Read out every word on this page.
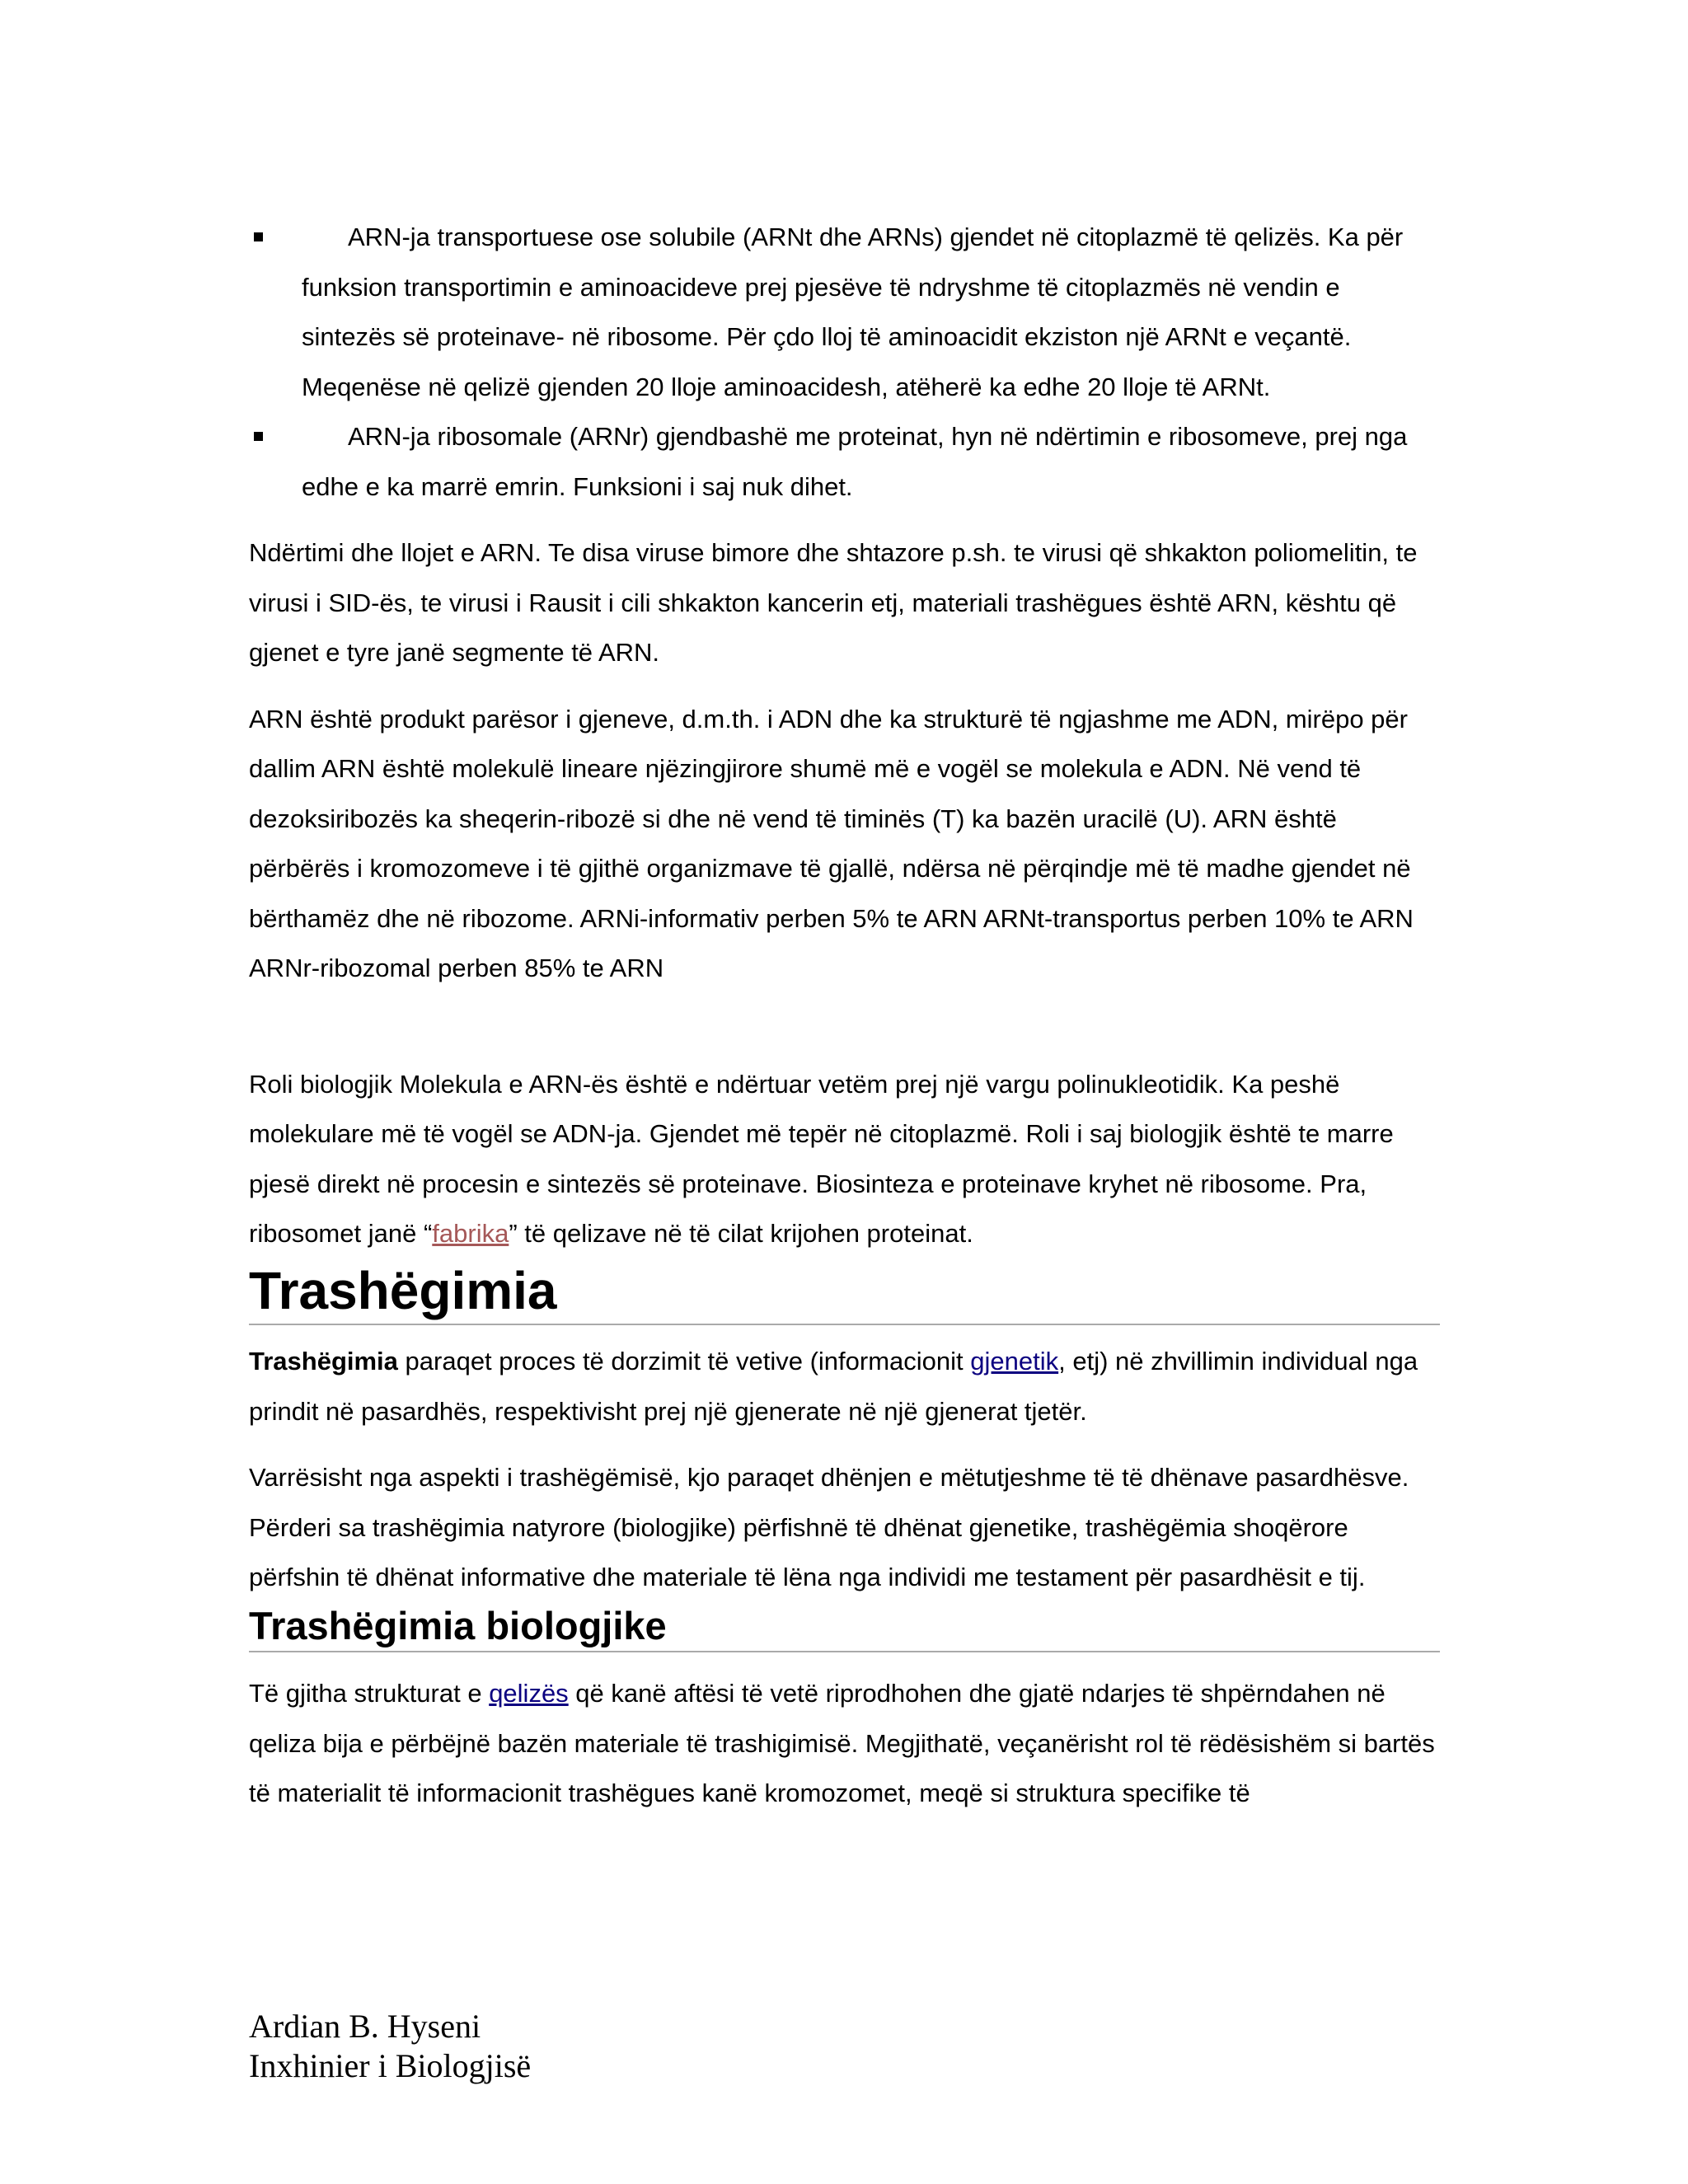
ARN-ja transportuese ose solubile (ARNt dhe ARNs) gjendet në citoplazmë të qelizës. Ka për funksion transportimin e aminoacideve prej pjesëve të ndryshme të citoplazmës në vendin e sintezës së proteinave- në ribosome. Për çdo lloj të aminoacidit ekziston një ARNt e veçantë. Meqenëse në qelizë gjenden 20 lloje aminoacidesh, atëherë ka edhe 20 lloje të ARNt.
ARN-ja ribosomale (ARNr) gjendbashë me proteinat, hyn në ndërtimin e ribosomeve, prej nga edhe e ka marrë emrin. Funksioni i saj nuk dihet.

Ndërtimi dhe llojet e ARN. Te disa viruse bimore dhe shtazore p.sh. te virusi që shkakton poliomelitin, te virusi i SID-ës, te virusi i Rausit i cili shkakton kancerin etj, materiali trashëgues është ARN, kështu që gjenet e tyre janë segmente të ARN.

ARN është produkt parësor i gjeneve, d.m.th. i ADN dhe ka strukturë të ngjashme me ADN, mirëpo për dallim ARN është molekulë lineare njëzingjirore shumë më e vogël se molekula e ADN. Në vend të dezoksiribozës ka sheqerin-ribozë si dhe në vend të timinës (T) ka bazën uracilë (U). ARN është përbërës i kromozomeve i të gjithë organizmave të gjallë, ndërsa në përqindje më të madhe gjendet në bërthamëz dhe në ribozome. ARNi-informativ perben 5% te ARN ARNt-transportus perben 10% te ARN ARNr-ribozomal perben 85% te ARN

Roli biologjik Molekula e ARN-ës është e ndërtuar vetëm prej një vargu polinukleotidik. Ka peshë molekulare më të vogël se ADN-ja. Gjendet më tepër në citoplazmë. Roli i saj biologjik është te marre pjesë direkt në procesin e sintezës së proteinave. Biosinteza e proteinave kryhet në ribosome. Pra, ribosomet janë “fabrika” të qelizave në të cilat krijohen proteinat.

Trashëgimia

Trashëgimia paraqet proces të dorzimit të vetive (informacionit gjenetik, etj) në zhvillimin individual nga prindit në pasardhës, respektivisht prej një gjenerate në një gjenerat tjetër.

Varrësisht nga aspekti i trashëgëmisë, kjo paraqet dhënjen e mëtutjeshme të të dhënave pasardhësve. Përderi sa trashëgimia natyrore (biologjike) përfishnë të dhënat gjenetike, trashëgëmia shoqërore përfshin të dhënat informative dhe materiale të lëna nga individi me testament për pasardhësit e tij.

Trashëgimia biologjike

Të gjitha strukturat e qelizës që kanë aftësi të vetë riprodhohen dhe gjatë ndarjes të shpërndahen në qeliza bija e përbëjnë bazën materiale të trashigimisë. Megjithatë, veçanërisht rol të rëdësishëm si bartës të materialit të informacionit trashëgues kanë kromozomet, meqë si struktura specifike të

Ardian B. Hyseni
Inxhinier i Biologjisë
